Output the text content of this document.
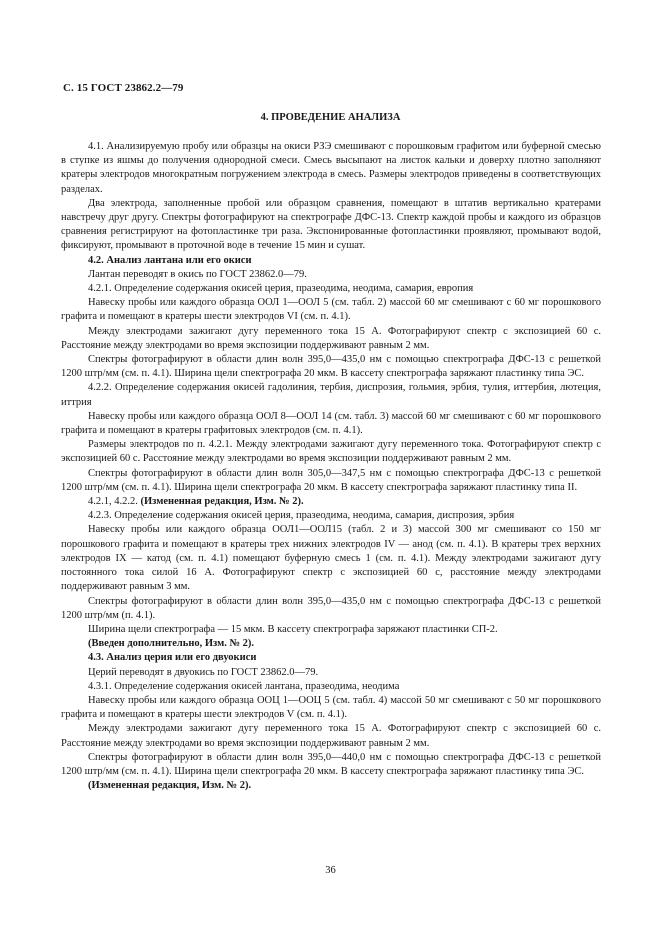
С. 15 ГОСТ 23862.2—79
4. ПРОВЕДЕНИЕ АНАЛИЗА

4.1. Анализируемую пробу или образцы на окиси РЗЭ смешивают с порошковым графитом или буферной смесью в ступке из яшмы до получения однородной смеси. Смесь высыпают на листок кальки и доверху плотно заполняют кратеры электродов многократным погружением электрода в смесь. Размеры электродов приведены в соответствующих разделах.

Два электрода, заполненные пробой или образцом сравнения, помещают в штатив вертикально кратерами навстречу друг другу. Спектры фотографируют на спектрографе ДФС-13. Спектр каждой пробы и каждого из образцов сравнения регистрируют на фотопластинке три раза. Экспонированные фотопластинки проявляют, промывают водой, фиксируют, промывают в проточной воде в течение 15 мин и сушат.

4.2. Анализ лантана или его окиси

Лантан переводят в окись по ГОСТ 23862.0—79.

4.2.1. Определение содержания окисей церия, празеодима, неодима, самария, европия

Навеску пробы или каждого образца ООЛ 1—ООЛ 5 (см. табл. 2) массой 60 мг смешивают с 60 мг порошкового графита и помещают в кратеры шести электродов VI (см. п. 4.1).

Между электродами зажигают дугу переменного тока 15 А. Фотографируют спектр с экспозицией 60 с. Расстояние между электродами во время экспозиции поддерживают равным 2 мм.

Спектры фотографируют в области длин волн 395,0—435,0 нм с помощью спектрографа ДФС-13 с решеткой 1200 штр/мм (см. п. 4.1). Ширина щели спектрографа 20 мкм. В кассету спектрографа заряжают пластинку типа ЭС.

4.2.2. Определение содержания окисей гадолиния, тербия, диспрозия, гольмия, эрбия, тулия, иттербия, лютеция, иттрия

Навеску пробы или каждого образца ООЛ 8—ООЛ 14 (см. табл. 3) массой 60 мг смешивают с 60 мг порошкового графита и помещают в кратеры графитовых электродов (см. п. 4.1).

Размеры электродов по п. 4.2.1. Между электродами зажигают дугу переменного тока. Фотографируют спектр с экспозицией 60 с. Расстояние между электродами во время экспозиции поддерживают равным 2 мм.

Спектры фотографируют в области длин волн 305,0—347,5 нм с помощью спектрографа ДФС-13 с решеткой 1200 штр/мм (см. п. 4.1). Ширина щели спектрографа 20 мкм. В кассету спектрографа заряжают пластинку типа II.

4.2.1, 4.2.2. (Измененная редакция, Изм. № 2).

4.2.3. Определение содержания окисей церия, празеодима, неодима, самария, диспрозия, эрбия

Навеску пробы или каждого образца ООЛ1—ООЛ15 (табл. 2 и 3) массой 300 мг смешивают со 150 мг порошкового графита и помещают в кратеры трех нижних электродов IV — анод (см. п. 4.1). В кратеры трех верхних электродов IX — катод (см. п. 4.1) помещают буферную смесь 1 (см. п. 4.1). Между электродами зажигают дугу постоянного тока силой 16 А. Фотографируют спектр с экспозицией 60 с, расстояние между электродами поддерживают равным 3 мм.

Спектры фотографируют в области длин волн 395,0—435,0 нм с помощью спектрографа ДФС-13 с решеткой 1200 штр/мм (п. 4.1).

Ширина щели спектрографа — 15 мкм. В кассету спектрографа заряжают пластинки СП-2.

(Введен дополнительно, Изм. № 2).

4.3. Анализ церия или его двуокиси

Церий переводят в двуокись по ГОСТ 23862.0—79.

4.3.1. Определение содержания окисей лантана, празеодима, неодима

Навеску пробы или каждого образца ООЦ 1—ООЦ 5 (см. табл. 4) массой 50 мг смешивают с 50 мг порошкового графита и помещают в кратеры шести электродов V (см. п. 4.1).

Между электродами зажигают дугу переменного тока 15 А. Фотографируют спектр с экспозицией 60 с. Расстояние между электродами во время экспозиции поддерживают равным 2 мм.

Спектры фотографируют в области длин волн 395,0—440,0 нм с помощью спектрографа ДФС-13 с решеткой 1200 штр/мм (см. п. 4.1). Ширина щели спектрографа 20 мкм. В кассету спектрографа заряжают пластинку типа ЭС.

(Измененная редакция, Изм. № 2).

36
